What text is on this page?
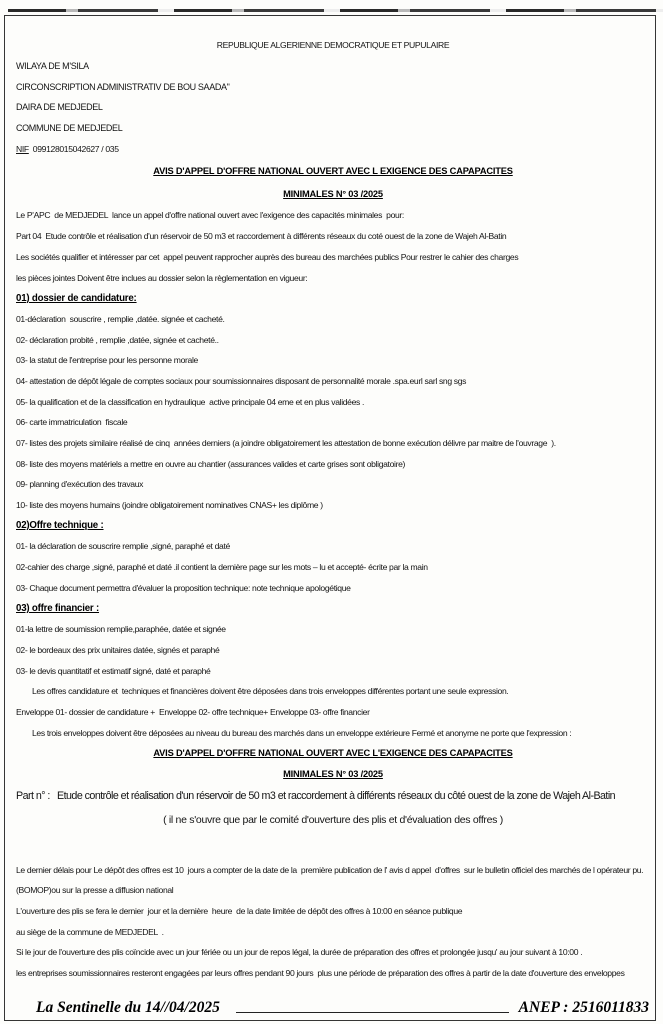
REPUBLIQUE ALGERIENNE DEMOCRATIQUE ET PUPULAIRE
WILAYA DE M'SILA
CIRCONSCRIPTION ADMINISTRATIV DE BOU SAADA"
DAIRA DE MEDJEDEL
COMMUNE DE MEDJEDEL
NIF 099128015042627 / 035
AVIS D'APPEL D'OFFRE NATIONAL OUVERT AVEC L EXIGENCE DES CAPAPACITES
MINIMALES N° 03 /2025
Le P'APC  de MEDJEDEL  lance un appel d'offre national ouvert avec l'exigence des capacités minimales  pour:
Part 04  Etude contrôle et réalisation d'un réservoir de 50 m3 et raccordement à différents réseaux du coté ouest de la zone de Wajeh Al-Batin
Les sociétés qualifier et intéresser par cet  appel peuvent rapprocher auprès des bureau des marchées publics Pour restrer le cahier des charges
les pièces jointes Doivent être inclues au dossier selon la règlementation en vigueur:
01) dossier de candidature:
01-déclaration  souscrire , remplie ,datée. signée et cacheté.
02- déclaration probité , remplie ,datée, signée et cacheté..
03- la statut de l'entreprise pour les personne morale
04- attestation de dépôt légale de comptes sociaux pour soumissionnaires disposant de personnalité morale .spa.eurl sarl sng sgs
05- la qualification et de la classification en hydraulique  active principale 04 eme et en plus validées .
06- carte immatriculation  fiscale
07- listes des projets similaire réalisé de cinq  années derniers (a joindre obligatoirement les attestation de bonne exécution délivre par maitre de l'ouvrage  ).
08- liste des moyens matériels a mettre en ouvre au chantier (assurances valides et carte grises sont obligatoire)
09- planning d'exécution des travaux
10- liste des moyens humains (joindre obligatoirement nominatives CNAS+ les diplôme )
02)Offre technique :
01- la déclaration de souscrire remplie ,signé, paraphé et daté
02-cahier des charge ,signé, paraphé et daté .il contient la dernière page sur les mots – lu et accepté- écrite par la main
03- Chaque document permettra d'évaluer la proposition technique: note technique apologétique
03) offre financier :
01-la lettre de soumission remplie,paraphée, datée et signée
02- le bordeaux des prix unitaires datée, signés et paraphé
03- le devis quantitatif et estimatif signé, daté et paraphé
Les offres candidature et  techniques et financières doivent être déposées dans trois enveloppes différentes portant une seule expression.
Enveloppe 01- dossier de candidature +  Enveloppe 02- offre technique+ Enveloppe 03- offre financier
Les trois enveloppes doivent être déposées au niveau du bureau des marchés dans un enveloppe extérieure Fermé et anonyme ne porte que l'expression :
AVIS D'APPEL D'OFFRE NATIONAL OUVERT AVEC L'EXIGENCE DES CAPAPACITES
MINIMALES N° 03 /2025
Part n° :   Etude contrôle et réalisation d'un réservoir de 50 m3 et raccordement à différents réseaux du côté ouest de la zone de Wajeh Al-Batin
( il ne s'ouvre que par le comité d'ouverture des plis et d'évaluation des offres )
Le dernier délais pour Le dépôt des offres est 10  jours a compter de la date de la  première publication de l' avis d appel  d'offres  sur le bulletin officiel des marchés de l opérateur pu.
(BOMOP)ou sur la presse a diffusion national
L'ouverture des plis se fera le dernier  jour et la dernière  heure  de la date limitée de dépôt des offres à 10:00 en séance publique
au siège de la commune de MEDJEDEL  .
Si le jour de l'ouverture des plis coïncide avec un jour fériée ou un jour de repos légal, la durée de préparation des offres et prolongée jusqu' au jour suivant à 10:00 .
les entreprises soumissionnaires resteront engagées par leurs offres pendant 90 jours  plus une période de préparation des offres à partir de la date d'ouverture des enveloppes
La Sentinelle du 14//04/2025	ANEP : 2516011833
